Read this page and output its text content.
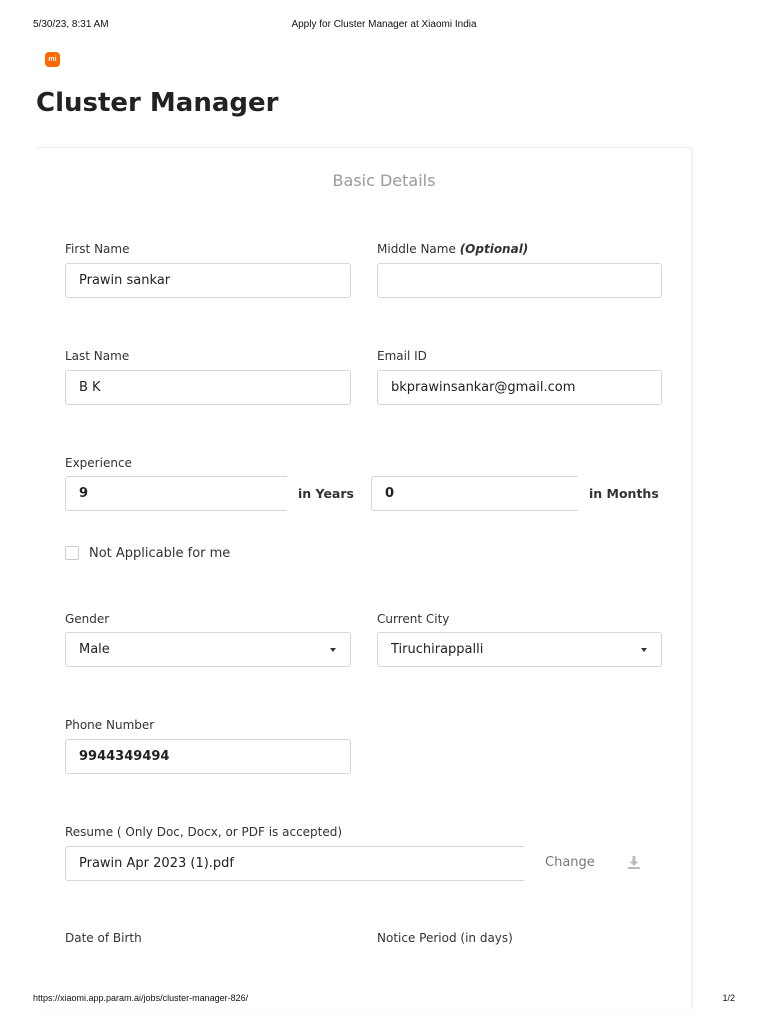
5/30/23, 8:31 AM	Apply for Cluster Manager at Xiaomi India
mi
Cluster Manager
Basic Details
First Name
Prawin sankar
Middle Name (Optional)
Last Name
B K
Email ID
bkprawinsankar@gmail.com
Experience
9	in Years	0	in Months
Not Applicable for me
Gender
Male
Current City
Tiruchirappalli
Phone Number
9944349494
Resume ( Only Doc, Docx, or PDF is accepted)
Prawin Apr 2023 (1).pdf	Change
Date of Birth	Notice Period (in days)
https://xiaomi.app.param.ai/jobs/cluster-manager-826/	1/2
